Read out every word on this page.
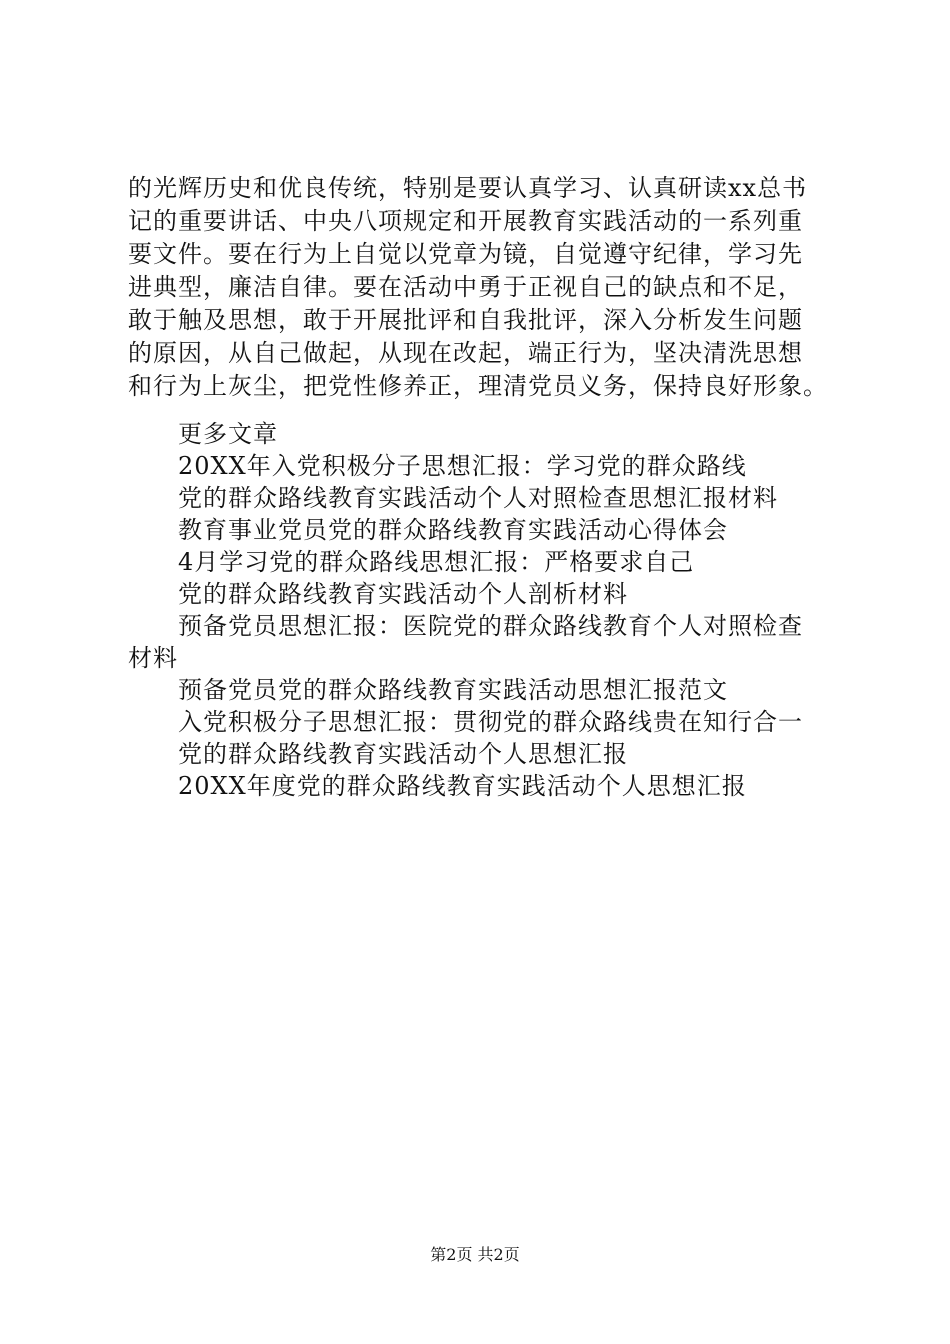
的光辉历史和优良传统，特别是要认真学习、认真研读xx总书
记的重要讲话、中央八项规定和开展教育实践活动的一系列重
要文件。要在行为上自觉以党章为镜，自觉遵守纪律，学习先
进典型，廉洁自律。要在活动中勇于正视自己的缺点和不足，
敢于触及思想，敢于开展批评和自我批评，深入分析发生问题
的原因，从自己做起，从现在改起，端正行为，坚决清洗思想
和行为上灰尘，把党性修养正，理清党员义务，保持良好形象。
更多文章
20XX年入党积极分子思想汇报：学习党的群众路线
党的群众路线教育实践活动个人对照检查思想汇报材料
教育事业党员党的群众路线教育实践活动心得体会
4月学习党的群众路线思想汇报：严格要求自己
党的群众路线教育实践活动个人剖析材料
预备党员思想汇报：医院党的群众路线教育个人对照检查
材料
预备党员党的群众路线教育实践活动思想汇报范文
入党积极分子思想汇报：贯彻党的群众路线贵在知行合一
党的群众路线教育实践活动个人思想汇报
20XX年度党的群众路线教育实践活动个人思想汇报
第2页 共2页
